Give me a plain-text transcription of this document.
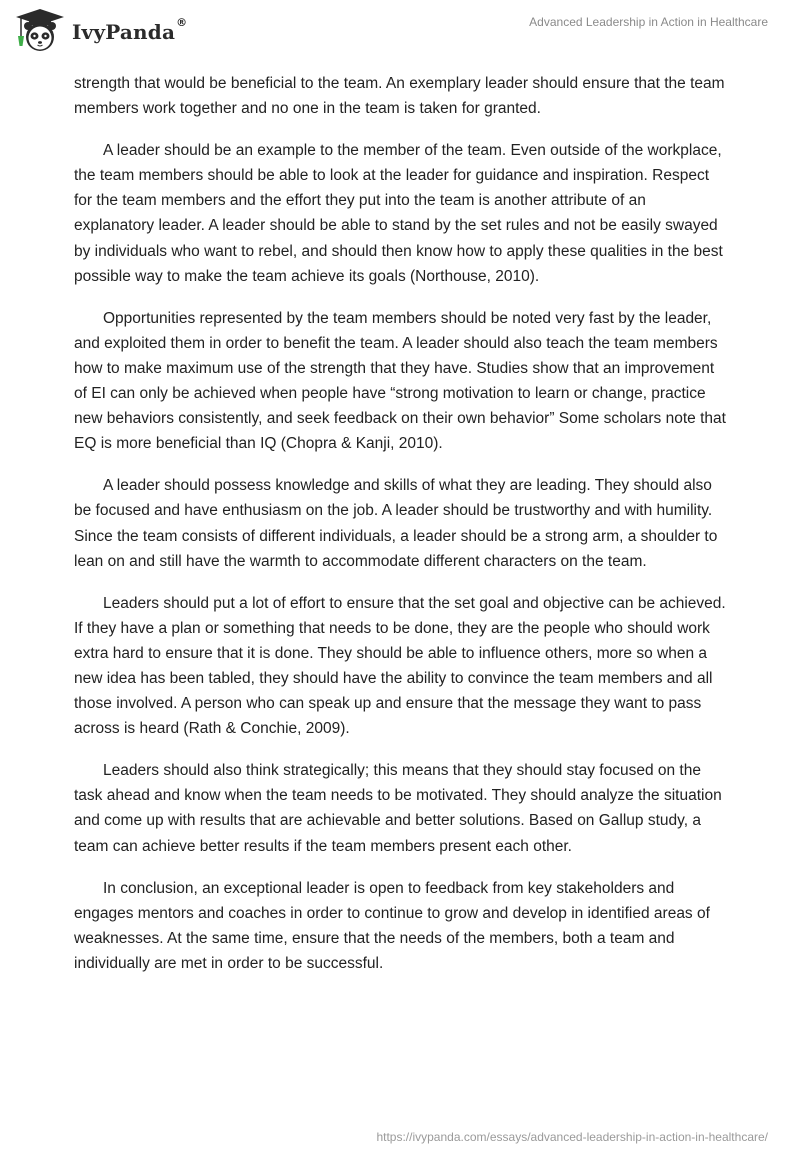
IvyPanda ®	Advanced Leadership in Action in Healthcare

strength that would be beneficial to the team. An exemplary leader should ensure that the team members work together and no one in the team is taken for granted.

A leader should be an example to the member of the team. Even outside of the workplace, the team members should be able to look at the leader for guidance and inspiration. Respect for the team members and the effort they put into the team is another attribute of an explanatory leader. A leader should be able to stand by the set rules and not be easily swayed by individuals who want to rebel, and should then know how to apply these qualities in the best possible way to make the team achieve its goals (Northouse, 2010).

Opportunities represented by the team members should be noted very fast by the leader, and exploited them in order to benefit the team. A leader should also teach the team members how to make maximum use of the strength that they have. Studies show that an improvement of EI can only be achieved when people have “strong motivation to learn or change, practice new behaviors consistently, and seek feedback on their own behavior” Some scholars note that EQ is more beneficial than IQ (Chopra & Kanji, 2010).

A leader should possess knowledge and skills of what they are leading. They should also be focused and have enthusiasm on the job. A leader should be trustworthy and with humility. Since the team consists of different individuals, a leader should be a strong arm, a shoulder to lean on and still have the warmth to accommodate different characters on the team.

Leaders should put a lot of effort to ensure that the set goal and objective can be achieved. If they have a plan or something that needs to be done, they are the people who should work extra hard to ensure that it is done. They should be able to influence others, more so when a new idea has been tabled, they should have the ability to convince the team members and all those involved. A person who can speak up and ensure that the message they want to pass across is heard (Rath & Conchie, 2009).

Leaders should also think strategically; this means that they should stay focused on the task ahead and know when the team needs to be motivated. They should analyze the situation and come up with results that are achievable and better solutions. Based on Gallup study, a team can achieve better results if the team members present each other.

In conclusion, an exceptional leader is open to feedback from key stakeholders and engages mentors and coaches in order to continue to grow and develop in identified areas of weaknesses. At the same time, ensure that the needs of the members, both a team and individually are met in order to be successful.

https://ivypanda.com/essays/advanced-leadership-in-action-in-healthcare/
